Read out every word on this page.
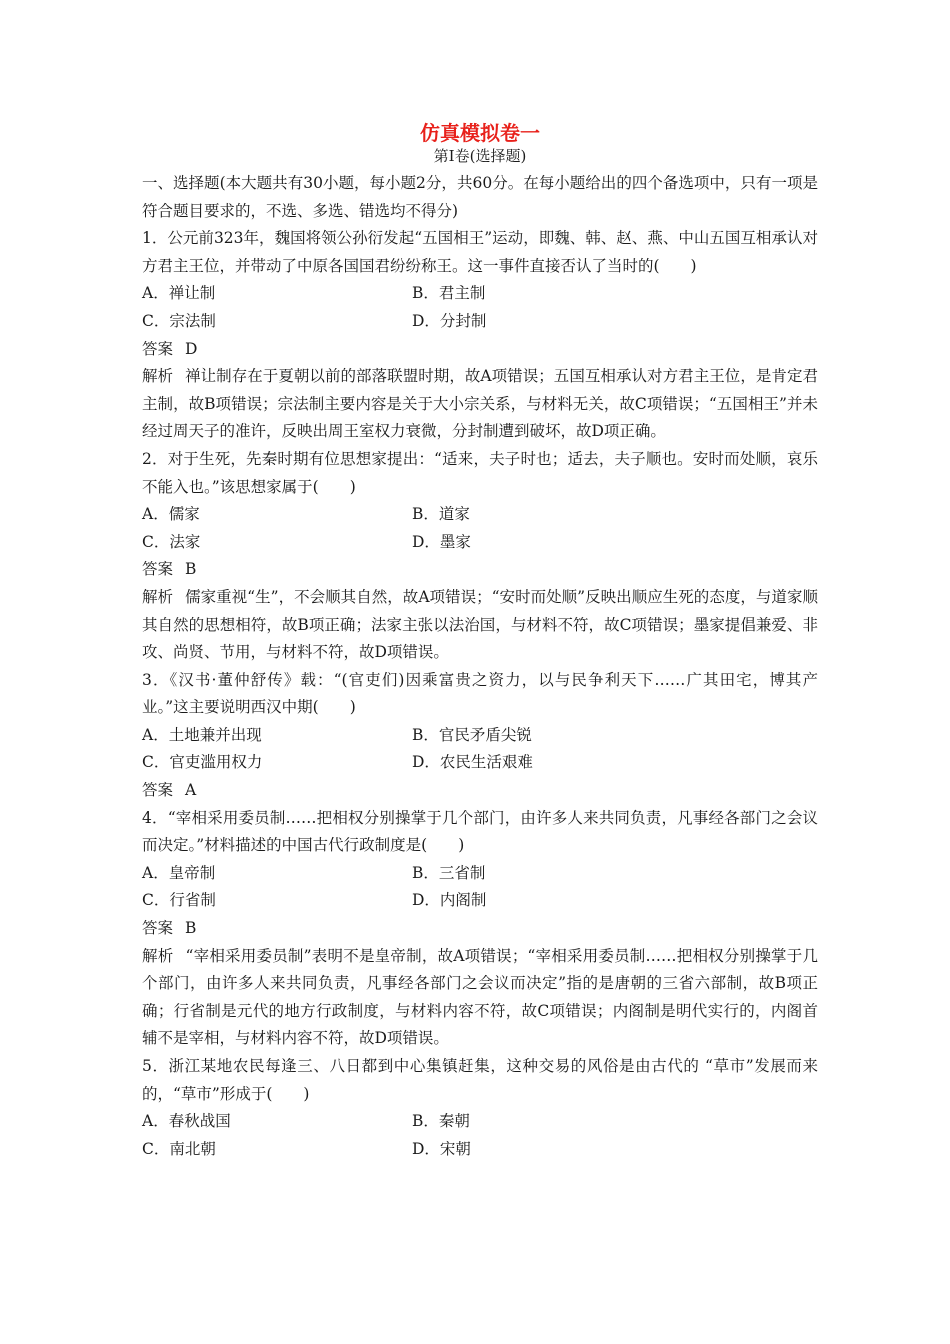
仿真模拟卷一
第Ⅰ卷(选择题)

一、选择题(本大题共有30小题，每小题2分，共60分。在每小题给出的四个备选项中，只有一项是符合题目要求的，不选、多选、错选均不得分)

1．公元前323年，魏国将领公孙衍发起“五国相王”运动，即魏、韩、赵、燕、中山五国互相承认对方君主王位，并带动了中原各国国君纷纷称王。这一事件直接否认了当时的(　　)

A．禅让制	B．君主制
C．宗法制	D．分封制

答案 D

解析 禅让制存在于夏朝以前的部落联盟时期，故A项错误；五国互相承认对方君主王位，是肯定君主制，故B项错误；宗法制主要内容是关于大小宗关系，与材料无关，故C项错误；“五国相王”并未经过周天子的准许，反映出周王室权力衰微，分封制遭到破坏，故D项正确。

2．对于生死，先秦时期有位思想家提出：“适来，夫子时也；适去，夫子顺也。安时而处顺，哀乐不能入也。”该思想家属于(　　)

A．儒家	B．道家
C．法家	D．墨家

答案 B

解析 儒家重视“生”，不会顺其自然，故A项错误；“安时而处顺”反映出顺应生死的态度，与道家顺其自然的思想相符，故B项正确；法家主张以法治国，与材料不符，故C项错误；墨家提倡兼爱、非攻、尚贤、节用，与材料不符，故D项错误。

3．《汉书·董仲舒传》载：“(官吏们)因乘富贵之资力，以与民争利天下……广其田宅，博其产业。”这主要说明西汉中期(　　)

A．土地兼并出现	B．官民矛盾尖锐
C．官吏滥用权力	D．农民生活艰难

答案 A

4．“宰相采用委员制……把相权分别操掌于几个部门，由许多人来共同负责，凡事经各部门之会议而决定。”材料描述的中国古代行政制度是(　　)

A．皇帝制	B．三省制
C．行省制	D．内阁制

答案 B

解析 “宰相采用委员制”表明不是皇帝制，故A项错误；“宰相采用委员制……把相权分别操掌于几个部门，由许多人来共同负责，凡事经各部门之会议而决定”指的是唐朝的三省六部制，故B项正确；行省制是元代的地方行政制度，与材料内容不符，故C项错误；内阁制是明代实行的，内阁首辅不是宰相，与材料内容不符，故D项错误。

5．浙江某地农民每逢三、八日都到中心集镇赶集，这种交易的风俗是由古代的 “草市”发展而来的，“草市”形成于(　　)

A．春秋战国	B．秦朝
C．南北朝	D．宋朝
